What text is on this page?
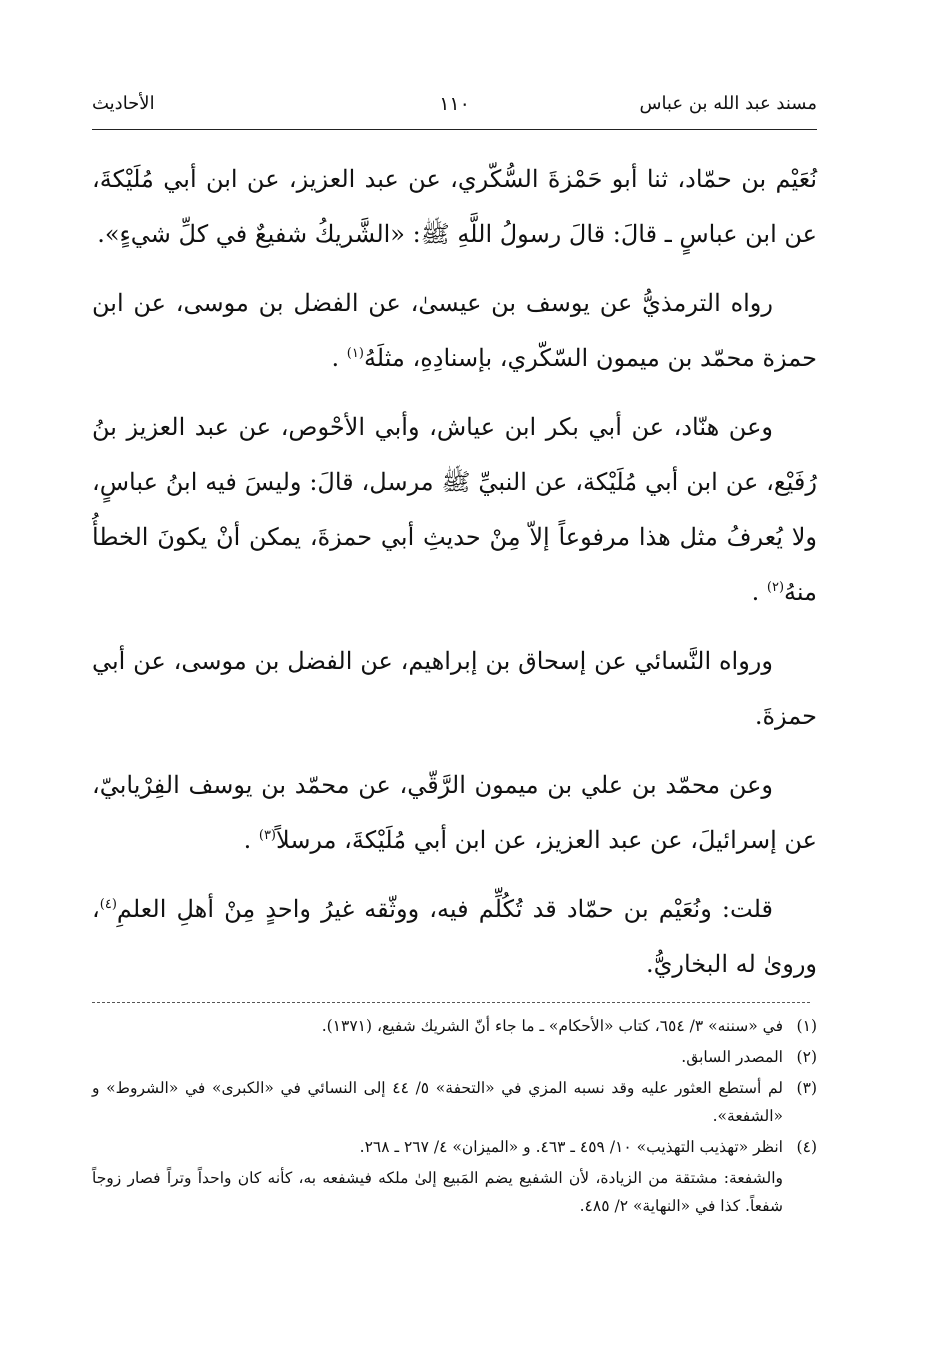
مسند عبد الله بن عباس
١١٠
الأحاديث

نُعَيْم بن حمّاد، ثنا أبو حَمْزةَ السُّكّري، عن عبد العزيز، عن ابن أبي مُلَيْكةَ، عن ابن عباسٍ ـ قالَ: قالَ رسولُ اللَّهِ ﷺ: «الشَّريكُ شفيعٌ في كلِّ شيءٍ».

رواه الترمذيُّ عن يوسف بن عيسىٰ، عن الفضل بن موسى، عن ابن حمزة محمّد بن ميمون السّكّري، بإسنادِهِ، مثلَهُ$^{(١)}$ .

وعن هنّاد، عن أبي بكر ابن عياش، وأبي الأحْوص، عن عبد العزيز بنُ رُفَيْع، عن ابن أبي مُلَيْكة، عن النبيِّ ﷺ مرسل، قالَ: وليسَ فيه ابنُ عباسٍ، ولا يُعرفُ مثل هذا مرفوعاً إلاّ مِنْ حديثِ أبي حمزةَ، يمكن أنْ يكونَ الخطأُ منهُ$^{(٢)}$ .

ورواه النَّسائي عن إسحاق بن إبراهيم، عن الفضل بن موسى، عن أبي حمزةَ.

وعن محمّد بن علي بن ميمون الرَّقّي، عن محمّد بن يوسف الفِرْيابيّ، عن إسرائيلَ، عن عبد العزيز، عن ابن أبي مُلَيْكةَ، مرسلاً$^{(٣)}$ .

قلت: ونُعَيْم بن حمّاد قد تُكُلِّم فيه، ووثّقه غيرُ واحدٍ مِنْ أهلِ العلمِ$^{(٤)}$، وروىٰ له البخاريُّ.

(١)
في «سننه» ٣/ ٦٥٤، كتاب «الأحكام» ـ ما جاء أنّ الشريك شفيع، (١٣٧١).
(٢)
المصدر السابق.
(٣)
لم أستطع العثور عليه وقد نسبه المزي في «التحفة» ٥/ ٤٤ إلى النسائي في «الكبرى» في «الشروط» و «الشفعة».
(٤)
انظر «تهذيب التهذيب» ١٠/ ٤٥٩ ـ ٤٦٣. و «الميزان» ٤/ ٢٦٧ ـ ٢٦٨.
والشفعة: مشتقة من الزيادة، لأن الشفيع يضم المَبيع إلىٰ ملكه فيشفعه به، كأنه كان واحداً وتراً فصار زوجاً شفعاً. كذا في «النهاية» ٢/ ٤٨٥.
